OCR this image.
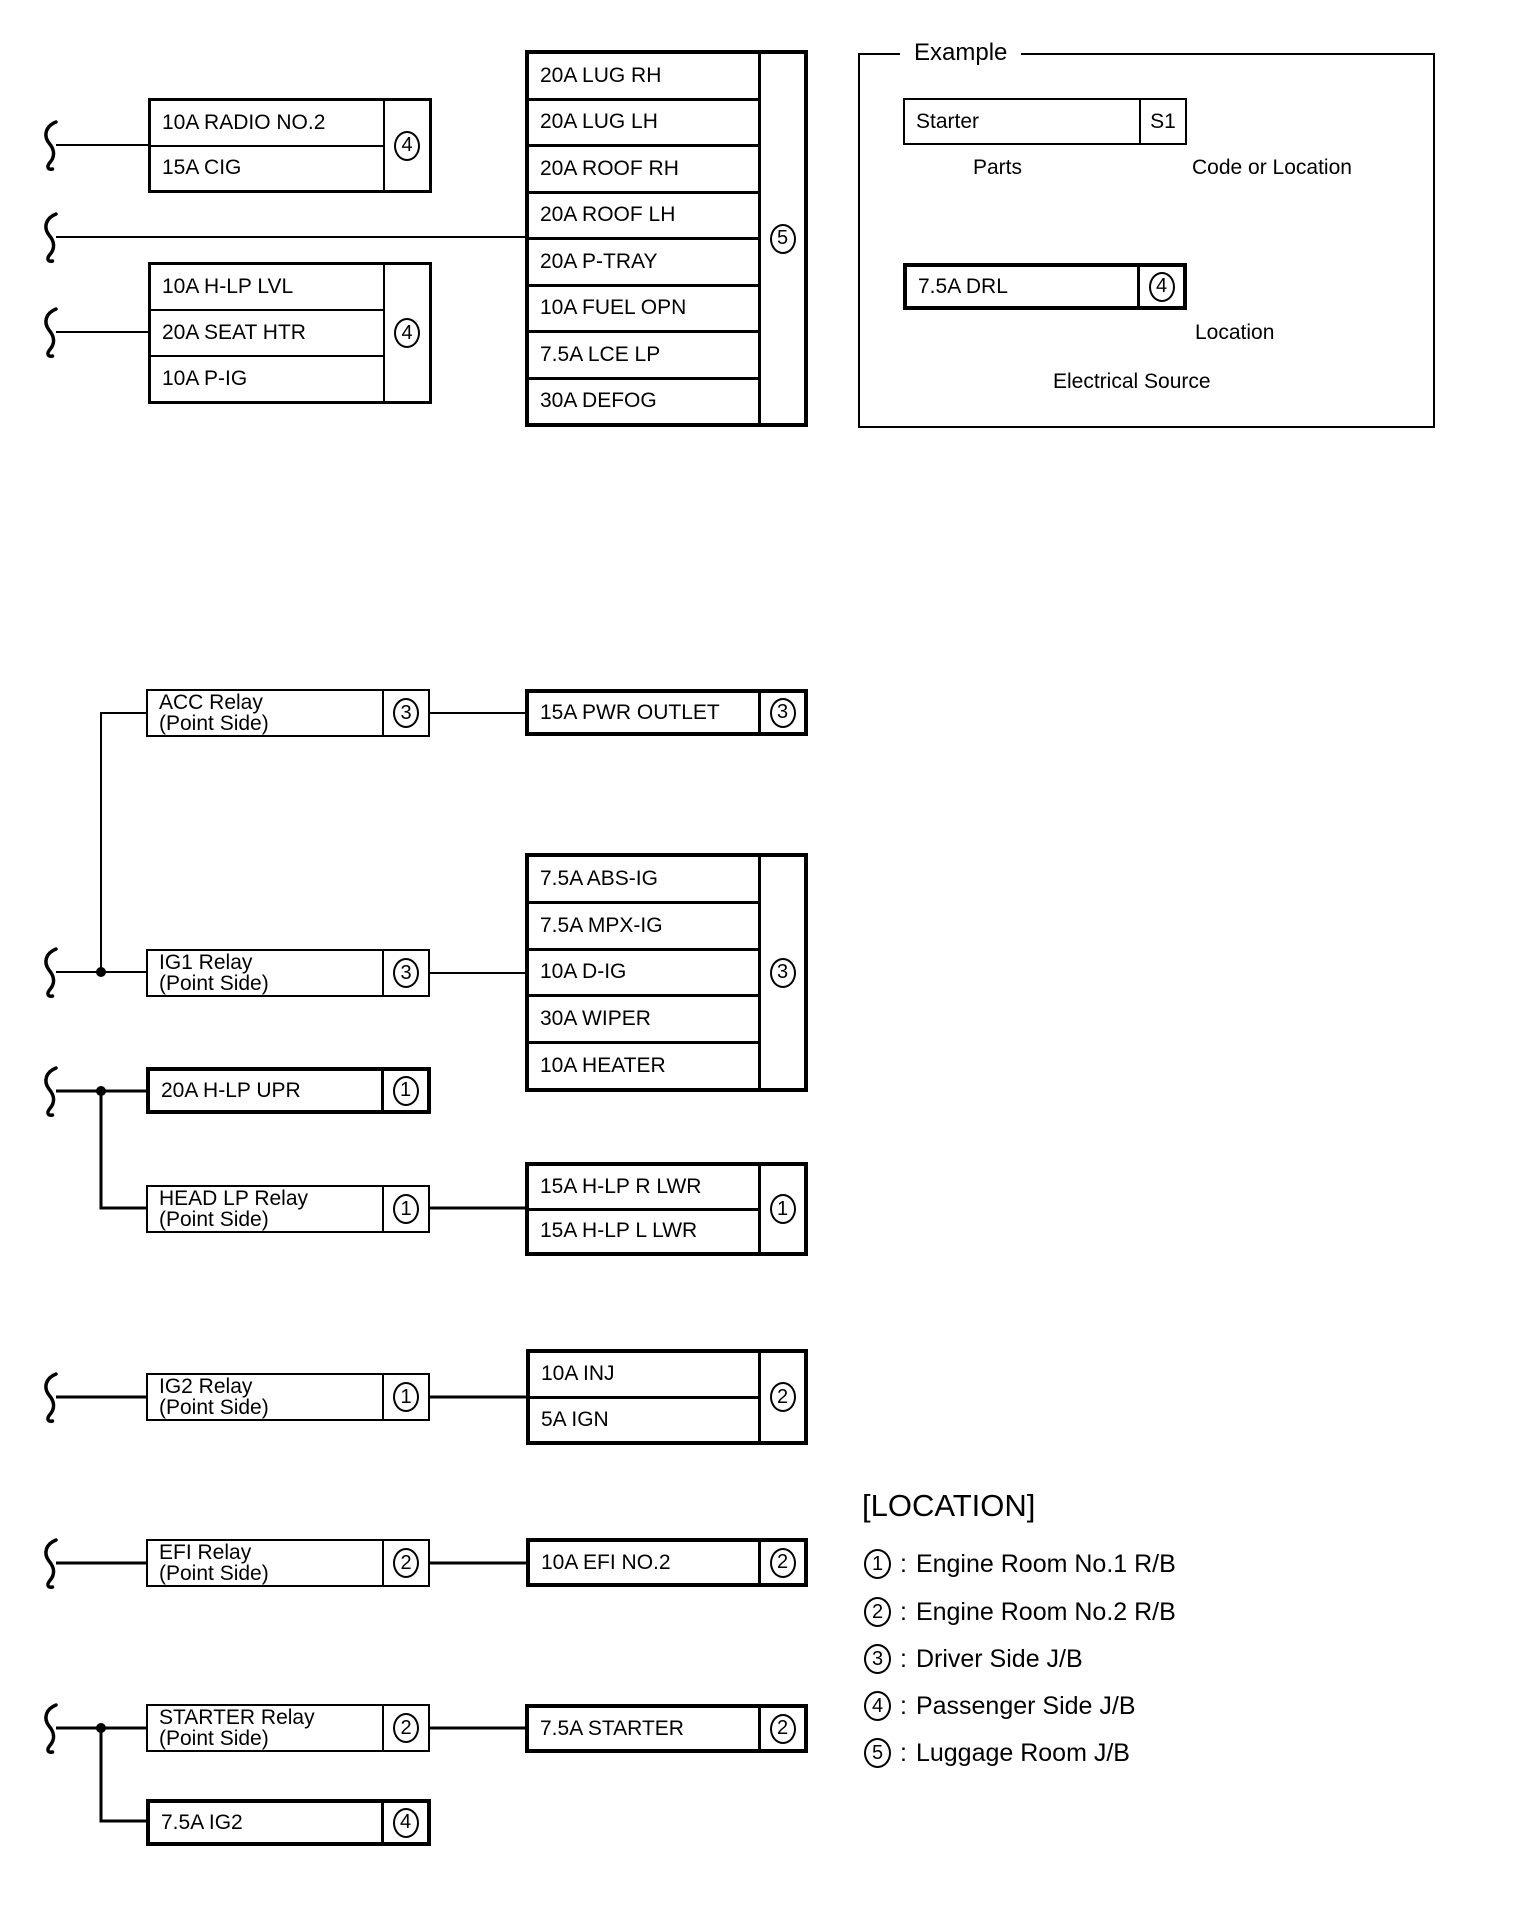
10A RADIO NO.2
15A CIG
4
10A H-LP LVL
20A SEAT HTR
10A P-IG
4
20A LUG RH
20A LUG LH
20A ROOF RH
20A ROOF LH
20A P-TRAY
10A FUEL OPN
7.5A LCE LP
30A DEFOG
5
Example
Starter	S1
7.5A DRL	4
Parts	Code or Location
Location
Electrical Source
ACC Relay
(Point Side)	3	15A PWR OUTLET	3
IG1 Relay
(Point Side)	3
7.5A ABS-IG
7.5A MPX-IG
10A D-IG
30A WIPER
10A HEATER
3
20A H-LP UPR	1
HEAD LP Relay
(Point Side)	1
15A H-LP R LWR
15A H-LP L LWR
1
IG2 Relay
(Point Side)	1
10A INJ
5A IGN
2
EFI Relay
(Point Side)	2	10A EFI NO.2	2
STARTER Relay
(Point Side)	2	7.5A STARTER	2
7.5A IG2	4
[LOCATION]
1 : Engine Room No.1 R/B
2 : Engine Room No.2 R/B
3 : Driver Side J/B
4 : Passenger Side J/B
5 : Luggage Room J/B
